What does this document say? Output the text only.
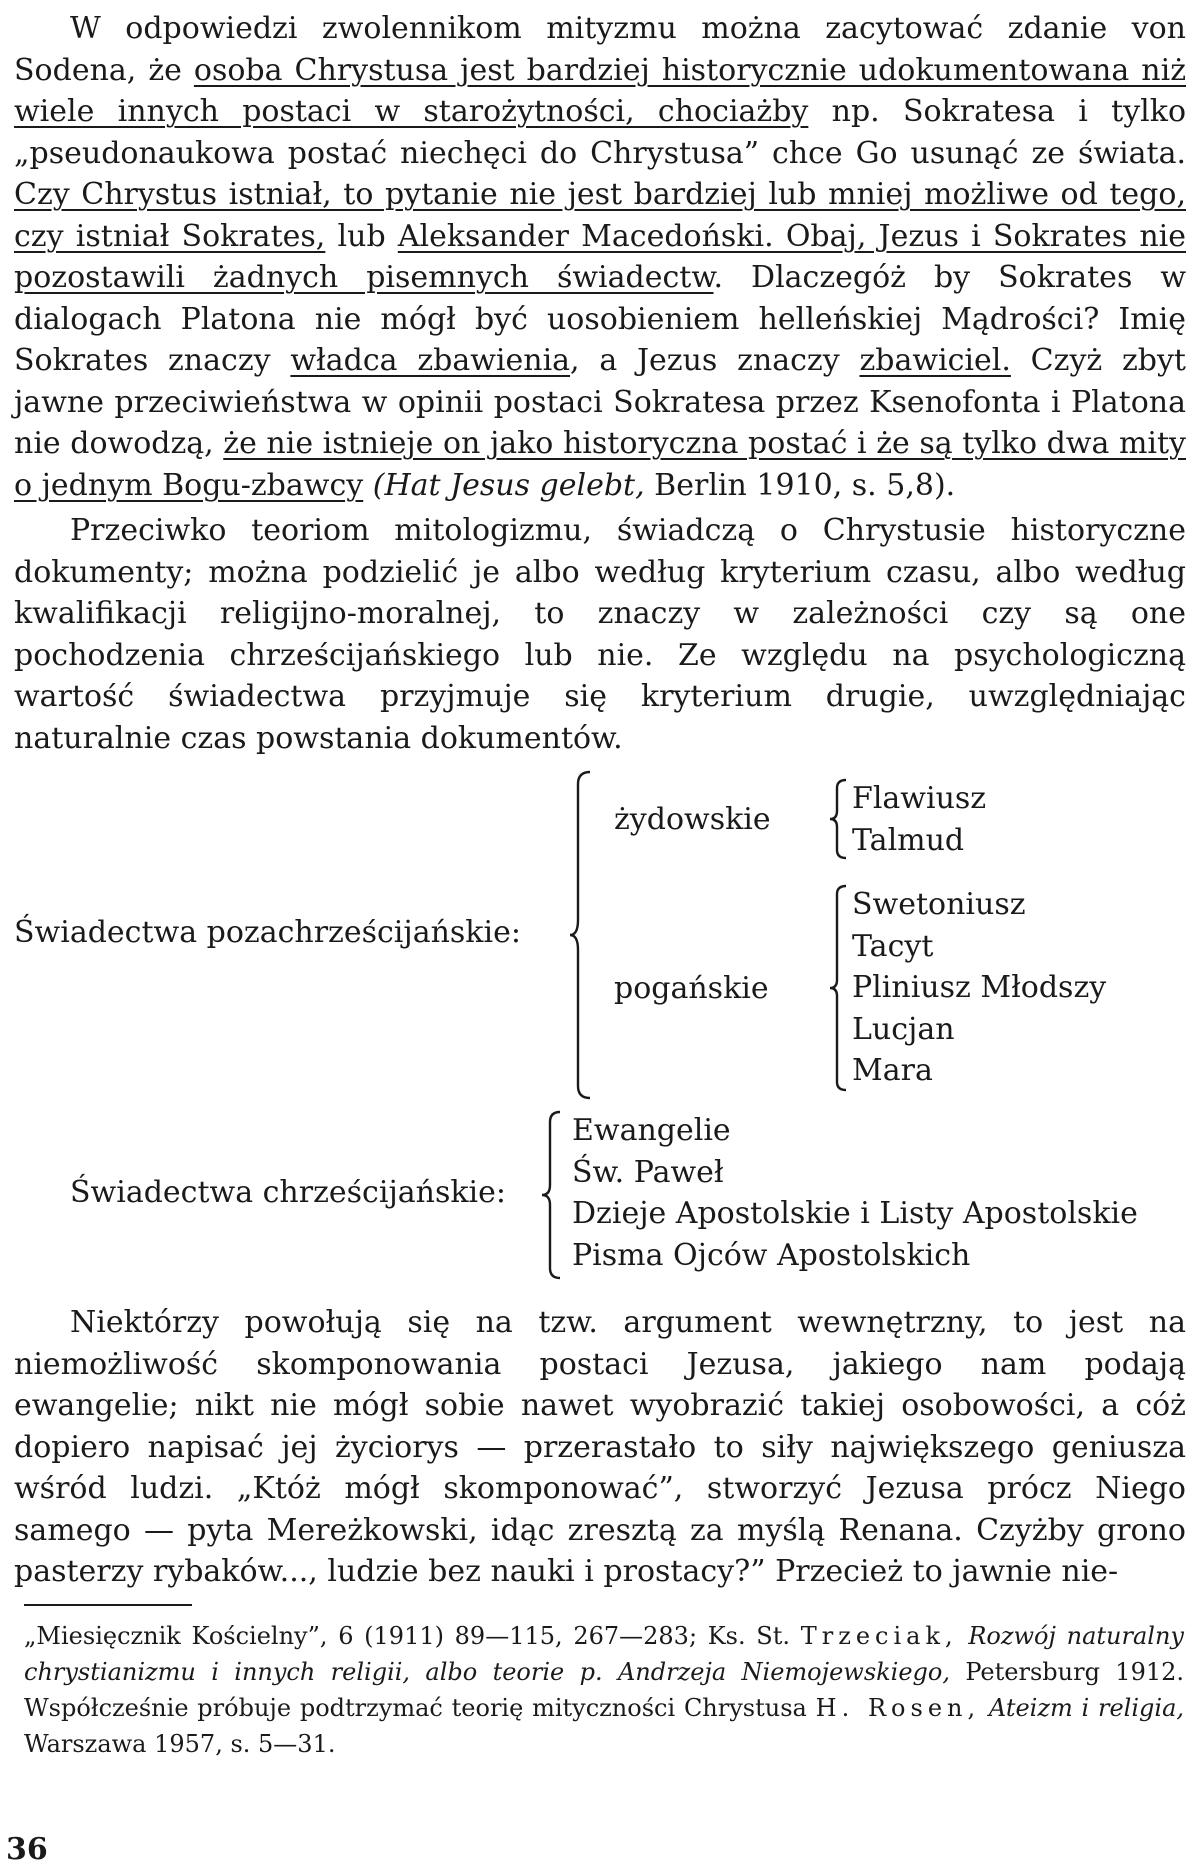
W odpowiedzi zwolennikom mityzmu można zacytować zdanie von Sodena, że osoba Chrystusa jest bardziej historycznie udokumentowana niż wiele innych postaci w starożytności, chociażby np. Sokratesa i tylko „pseudonaukowa postać niechęci do Chrystusa” chce Go usunąć ze świata. Czy Chrystus istniał, to pytanie nie jest bardziej lub mniej możliwe od tego, czy istniał Sokrates, lub Aleksander Macedoński. Obaj, Jezus i Sokrates nie pozostawili żadnych pisemnych świadectw. Dlaczegóż by Sokrates w dialogach Platona nie mógł być uosobieniem helleńskiej Mądrości? Imię Sokrates znaczy władca zbawienia, a Jezus znaczy zbawiciel. Czyż zbyt jawne przeciwieństwa w opinii postaci Sokratesa przez Ksenofonta i Platona nie dowodzą, że nie istnieje on jako historyczna postać i że są tylko dwa mity o jednym Bogu-zbawcy (Hat Jesus gelebt, Berlin 1910, s. 5,8).

Przeciwko teoriom mitologizmu, świadczą o Chrystusie historyczne dokumenty; można podzielić je albo według kryterium czasu, albo według kwalifikacji religijno-moralnej, to znaczy w zależności czy są one pochodzenia chrześcijańskiego lub nie. Ze względu na psychologiczną wartość świadectwa przyjmuje się kryterium drugie, uwzględniając naturalnie czas powstania dokumentów.

Świadectwa pozachrześcijańskie:
żydowskie
Flawiusz
Talmud
pogańskie
Swetoniusz
Tacyt
Pliniusz Młodszy
Lucjan
Mara
Świadectwa chrześcijańskie:
Ewangelie
Św. Paweł
Dzieje Apostolskie i Listy Apostolskie
Pisma Ojców Apostolskich

Niektórzy powołują się na tzw. argument wewnętrzny, to jest na niemożliwość skomponowania postaci Jezusa, jakiego nam podają ewangelie; nikt nie mógł sobie nawet wyobrazić takiej osobowości, a cóż dopiero napisać jej życiorys — przerastało to siły największego geniusza wśród ludzi. „Któż mógł skomponować”, stworzyć Jezusa prócz Niego samego — pyta Mereżkowski, idąc zresztą za myślą Renana. Czyżby grono pasterzy rybaków..., ludzie bez nauki i prostacy?” Przecież to jawnie nie-

„Miesięcznik Kościelny”, 6 (1911) 89—115, 267—283; Ks. St. Trzeciak, Rozwój naturalny chrystianizmu i innych religii, albo teorie p. Andrzeja Niemojewskiego, Petersburg 1912. Współcześnie próbuje podtrzymać teorię mityczności Chrystusa H. Rosen, Ateizm i religia, Warszawa 1957, s. 5—31.

36
